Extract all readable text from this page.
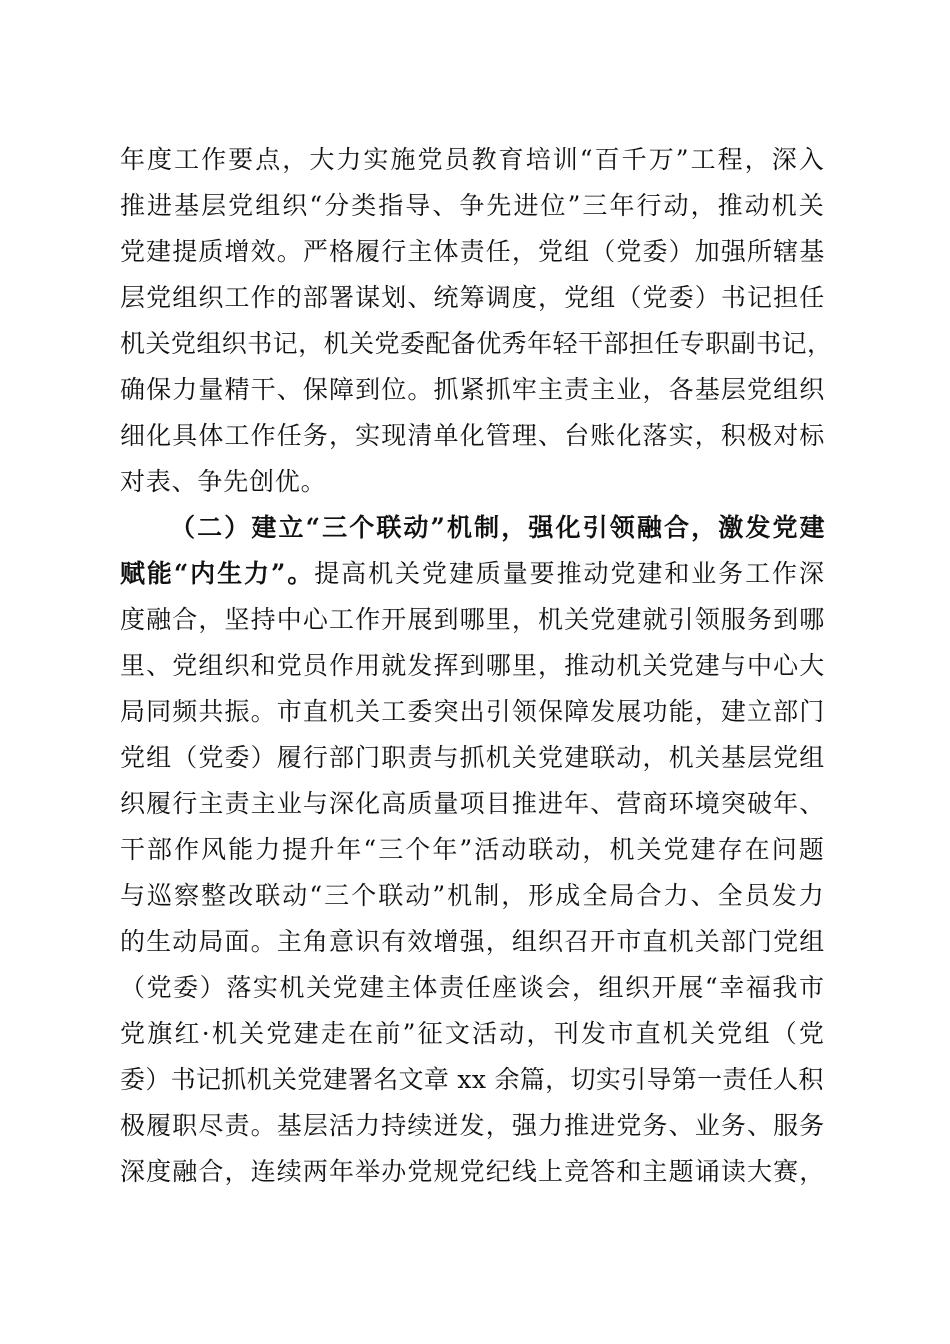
年度工作要点，大力实施党员教育培训“百千万”工程，深入
推进基层党组织“分类指导、争先进位”三年行动，推动机关
党建提质增效。严格履行主体责任，党组（党委）加强所辖基
层党组织工作的部署谋划、统筹调度，党组（党委）书记担任
机关党组织书记，机关党委配备优秀年轻干部担任专职副书记，
确保力量精干、保障到位。抓紧抓牢主责主业，各基层党组织
细化具体工作任务，实现清单化管理、台账化落实，积极对标
对表、争先创优。
（二）建立“三个联动”机制，强化引领融合，激发党建
赋能“内生力”。提高机关党建质量要推动党建和业务工作深
度融合，坚持中心工作开展到哪里，机关党建就引领服务到哪
里、党组织和党员作用就发挥到哪里，推动机关党建与中心大
局同频共振。市直机关工委突出引领保障发展功能，建立部门
党组（党委）履行部门职责与抓机关党建联动，机关基层党组
织履行主责主业与深化高质量项目推进年、营商环境突破年、
干部作风能力提升年“三个年”活动联动，机关党建存在问题
与巡察整改联动“三个联动”机制，形成全局合力、全员发力
的生动局面。主角意识有效增强，组织召开市直机关部门党组
（党委）落实机关党建主体责任座谈会，组织开展“幸福我市
党旗红·机关党建走在前”征文活动，刊发市直机关党组（党
委）书记抓机关党建署名文章 xx 余篇，切实引导第一责任人积
极履职尽责。基层活力持续迸发，强力推进党务、业务、服务
深度融合，连续两年举办党规党纪线上竞答和主题诵读大赛，
